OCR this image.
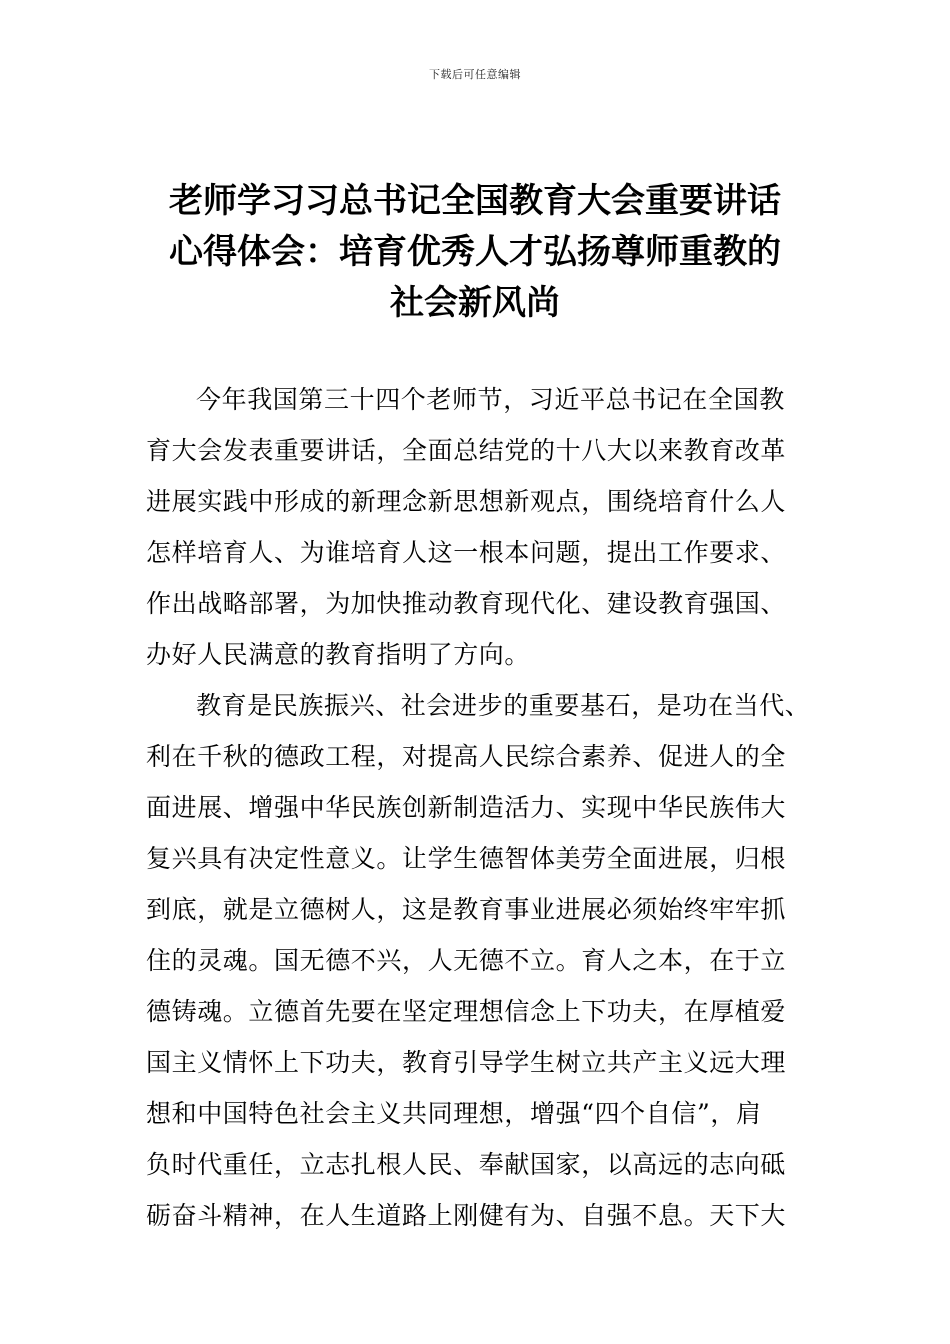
下载后可任意编辑
老师学习习总书记全国教育大会重要讲话
心得体会：培育优秀人才弘扬尊师重教的
社会新风尚
今年我国第三十四个老师节，习近平总书记在全国教
育大会发表重要讲话，全面总结党的十八大以来教育改革
进展实践中形成的新理念新思想新观点，围绕培育什么人
怎样培育人、为谁培育人这一根本问题，提出工作要求、
作出战略部署，为加快推动教育现代化、建设教育强国、
办好人民满意的教育指明了方向。
教育是民族振兴、社会进步的重要基石，是功在当代、
利在千秋的德政工程，对提高人民综合素养、促进人的全
面进展、增强中华民族创新制造活力、实现中华民族伟大
复兴具有决定性意义。让学生德智体美劳全面进展，归根
到底，就是立德树人，这是教育事业进展必须始终牢牢抓
住的灵魂。国无德不兴，人无德不立。育人之本，在于立
德铸魂。立德首先要在坚定理想信念上下功夫，在厚植爱
国主义情怀上下功夫，教育引导学生树立共产主义远大理
想和中国特色社会主义共同理想，增强“四个自信”，肩
负时代重任，立志扎根人民、奉献国家，以高远的志向砥
砺奋斗精神，在人生道路上刚健有为、自强不息。天下大
